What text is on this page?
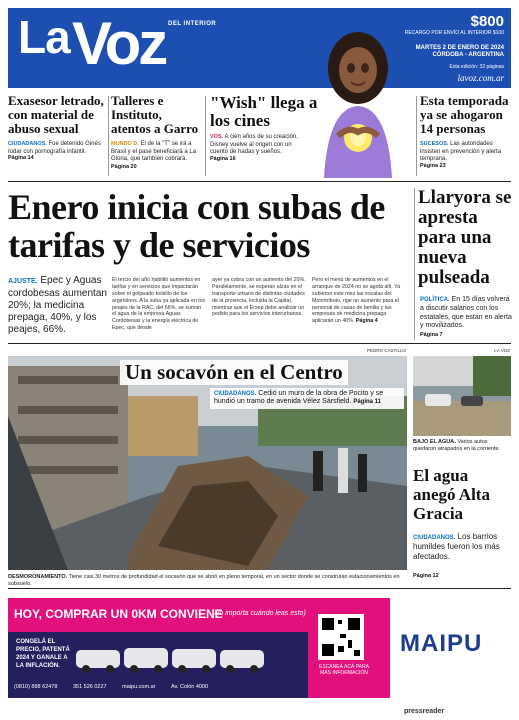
La Voz DEL INTERIOR	$800
RECARGO POR ENVÍO AL INTERIOR $100
MARTES 2 DE ENERO DE 2024
CÓRDOBA - ARGENTINA
Esta edición: 32 páginas
lavoz.com.ar
Exasesor letrado, con material de abuso sexual
CIUDADANOS. Fue detenido Ginés Iodar con pornografía infantil.
Página 14
Talleres e Instituto, atentos a Garro
MUNDO D. El de la "T" se irá a Brasil y el pase beneficiará a La Gloria, que también cobrará. Página 20
"Wish" llega a los cines
VOS. A cien años de su creación, Disney vuelve al origen con un cuento de hadas y sueños.
Página 16
Esta temporada ya se ahogaron 14 personas
SUCESOS. Las autoridades insisten en prevención y alerta temprana.
Página 23
Enero inicia con subas de tarifas y de servicios
AJUSTE. Epec y Aguas cordobesas aumentan 20%; la medicina prepaga, 40%, y los peajes, 66%.
El tercio del año habilitó aumentos en tarifas y en servicios que impactarán sobre el golpeado bolsillo de los argentinos. A la suba ya aplicada en los peajes de la RAC, del 66%, se suman el agua de la empresa Aguas Cordobesas y la energía eléctrica de Epec, que desde
ayer ya cobra con un aumento del 20%. Paralelamente, se esperan alzas en el transporte urbano de distintas ciudades de la provincia, incluida la Capital, mientras que el Ersep debe analizar un pedido para los servicios interurbanos.
Pero el menú de aumentos en el arranque de 2024 no se agota allí. Ya subieron este mes las escalas del Monotributo, rige un aumento para el personal de casas de familia y las empresas de medicina prepaga aplicarán un 40%. Página 4
Llaryora se apresta para una nueva pulseada
POLÍTICA. En 15 días volverá a discutir salarios con los estatales, que están en alerta y movilizados.
Página 7
PEDRO CASTILLO
Un socavón en el Centro
CIUDADANOS. Cedió un muro de la obra de Pocito y se hundió un tramo de avenida Vélez Sársfield. Página 11
DESMORONAMIENTO. Tiene casi 30 metros de profundidad el socavón que se abrió en pleno temporal, en un sector donde se construían estacionamientos en subsuelo.
LA VOZ
BAJO EL AGUA. Varios autos quedaron atrapados en la corriente.
El agua anegó Alta Gracia
CIUDADANOS. Los barrios humildes fueron los más afectados.
Página 12
HOY, COMPRAR UN 0KM CONVIENE
(No importa cuándo leas esto)
CONGELÁ EL PRECIO, PATENTÁ 2024 Y GANALE A LA INFLACIÓN.	ESCANEÁ ACÁ PARA MÁS INFORMACIÓN
(0810) 888 62478	351 526 0227	maipu.com.ar	Av. Colón 4000
MAIPU
pressreader
